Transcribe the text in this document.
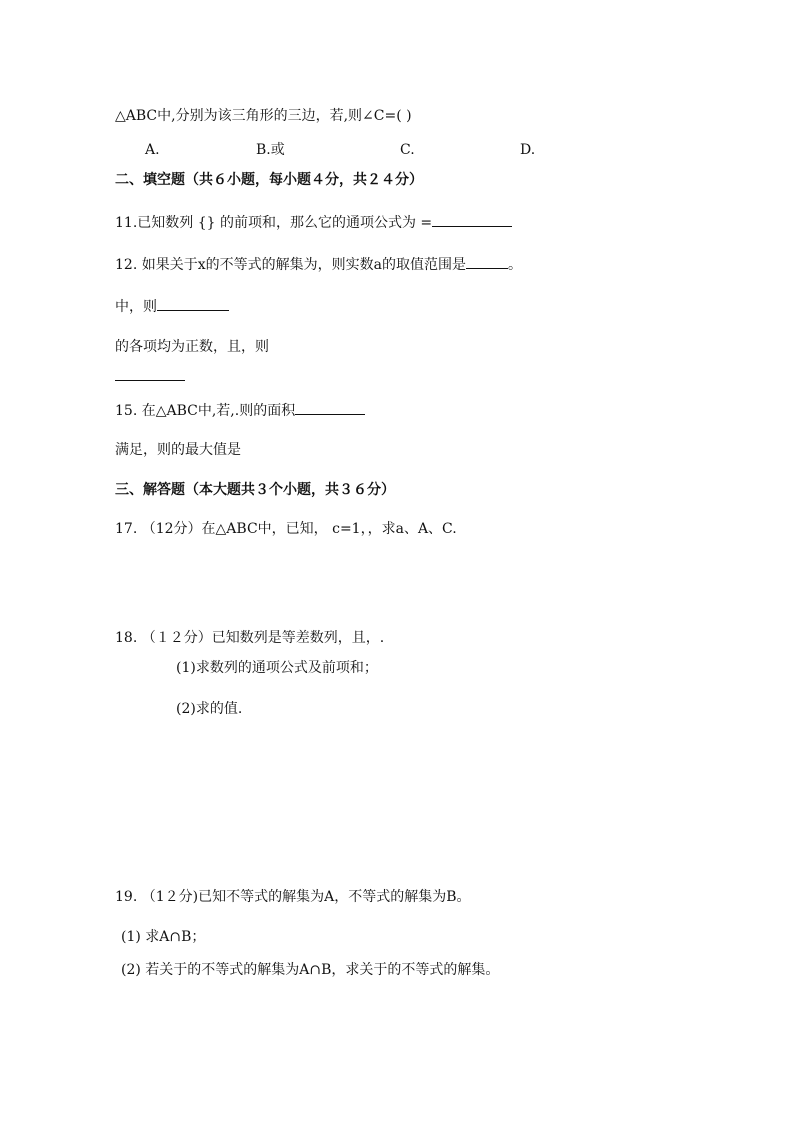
△ABC中,分别为该三角形的三边，若,则∠C=( )
A.	B.或	C.	D.
二、填空题（共６小题，每小题４分，共２４分）
11.已知数列 {} 的前项和，那么它的通项公式为 =
12. 如果关于x的不等式的解集为，则实数a的取值范围是	。
中，则
的各项均为正数，且，则
15. 在△ABC中,若,.则的面积
满足，则的最大值是
三、解答题（本大题共３个小题，共３６分）
17. （12分）在△ABC中，已知， c=1，，求a、A、C.
18. （１２分）已知数列是等差数列，且，.
(1)求数列的通项公式及前项和；
(2)求的值.
19. （1２分)已知不等式的解集为A，不等式的解集为B。
(1) 求A∩B；
(2) 若关于的不等式的解集为A∩B，求关于的不等式的解集。
